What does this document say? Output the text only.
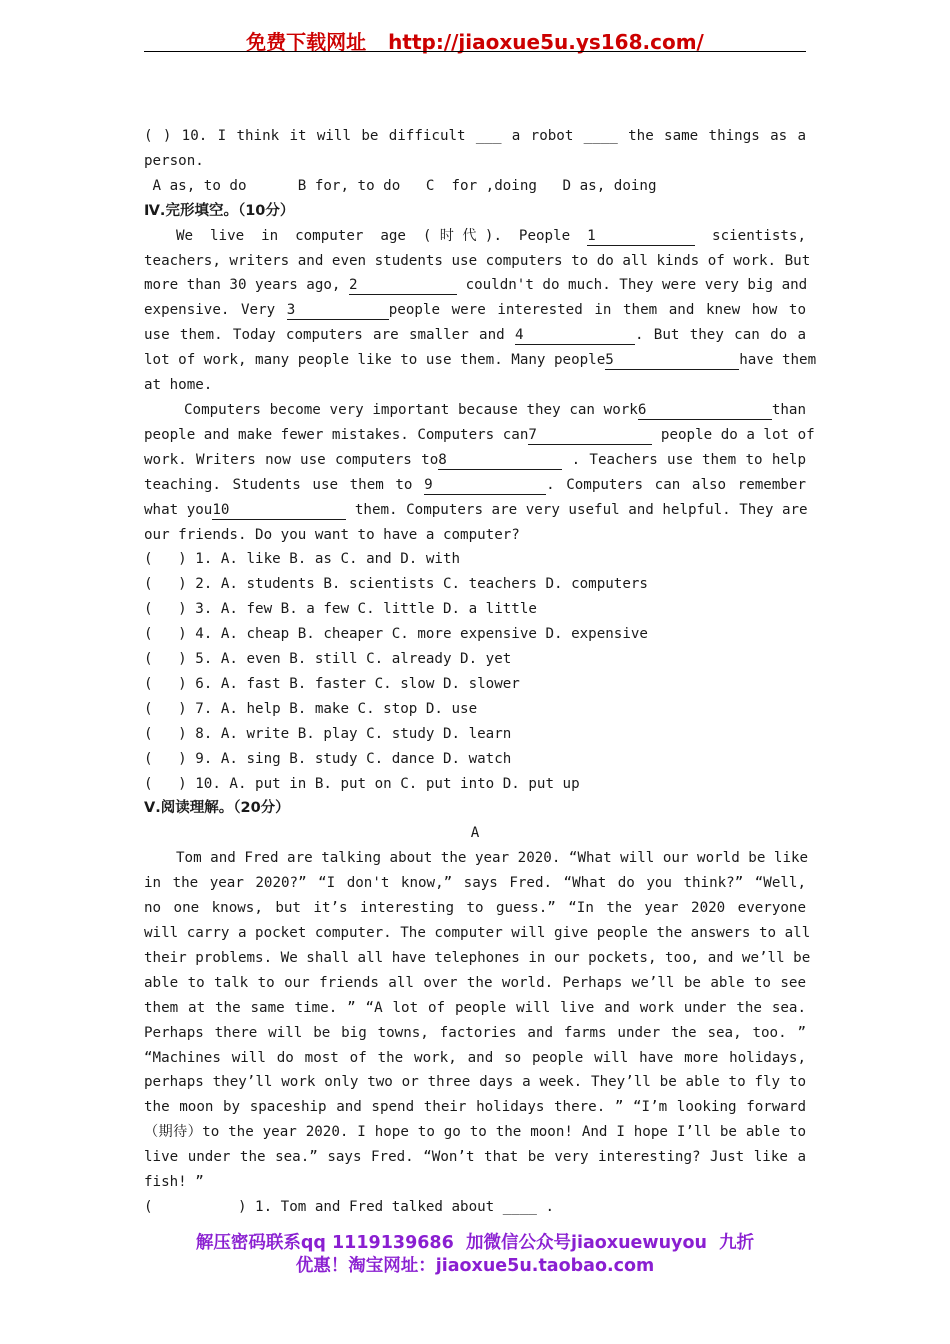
免费下载网址 http://jiaoxue5u.ys168.com/
( ) 10. I think it will be difficult ___ a robot ____ the same things as a
person.
A as, to do      B for, to do   C  for ,doing   D as, doing
Ⅳ.完形填空。（10分）
We live in computer age (时代). People 1	scientists,
teachers, writers and even students use computers to do all kinds of work. But
more than 30 years ago, 2	couldn't do much. They were very big and
expensive. Very 3	people were interested in them and knew how to
use them. Today computers are smaller and 4	. But they can do a
lot of work, many people like to use them. Many people5	have them
at home.
Computers become very important because they can work6	than
people and make fewer mistakes. Computers can7	people do a lot of
work. Writers now use computers to8	. Teachers use them to help
teaching. Students use them to 9	. Computers can also remember
what you10	them. Computers are very useful and helpful. They are
our friends. Do you want to have a computer?
(   ) 1. A. like B. as C. and D. with
(   ) 2. A. students B. scientists C. teachers D. computers
(   ) 3. A. few B. a few C. little D. a little
(   ) 4. A. cheap B. cheaper C. more expensive D. expensive
(   ) 5. A. even B. still C. already D. yet
(   ) 6. A. fast B. faster C. slow D. slower
(   ) 7. A. help B. make C. stop D. use
(   ) 8. A. write B. play C. study D. learn
(   ) 9. A. sing B. study C. dance D. watch
(   ) 10. A. put in B. put on C. put into D. put up
Ⅴ.阅读理解。（20分）
A
Tom and Fred are talking about the year 2020. “What will our world be like
in the year 2020?” “I don't know,” says Fred. “What do you think?” “Well,
no one knows, but it’s interesting to guess.” “In the year 2020 everyone
will carry a pocket computer. The computer will give people the answers to all
their problems. We shall all have telephones in our pockets, too, and we’ll be
able to talk to our friends all over the world. Perhaps we’ll be able to see
them at the same time. ” “A lot of people will live and work under the sea.
Perhaps there will be big towns, factories and farms under the sea, too. ”
“Machines will do most of the work, and so people will have more holidays,
perhaps they’ll work only two or three days a week. They’ll be able to fly to
the moon by spaceship and spend their holidays there. ” “I’m looking forward
（期待）to the year 2020. I hope to go to the moon! And I hope I’ll be able to
live under the sea.” says Fred. “Won’t that be very interesting? Just like a
fish! ”
(          ) 1. Tom and Fred talked about ____ .
解压密码联系qq 1119139686 加微信公众号jiaoxuewuyou 九折
优惠！淘宝网址：jiaoxue5u.taobao.com
